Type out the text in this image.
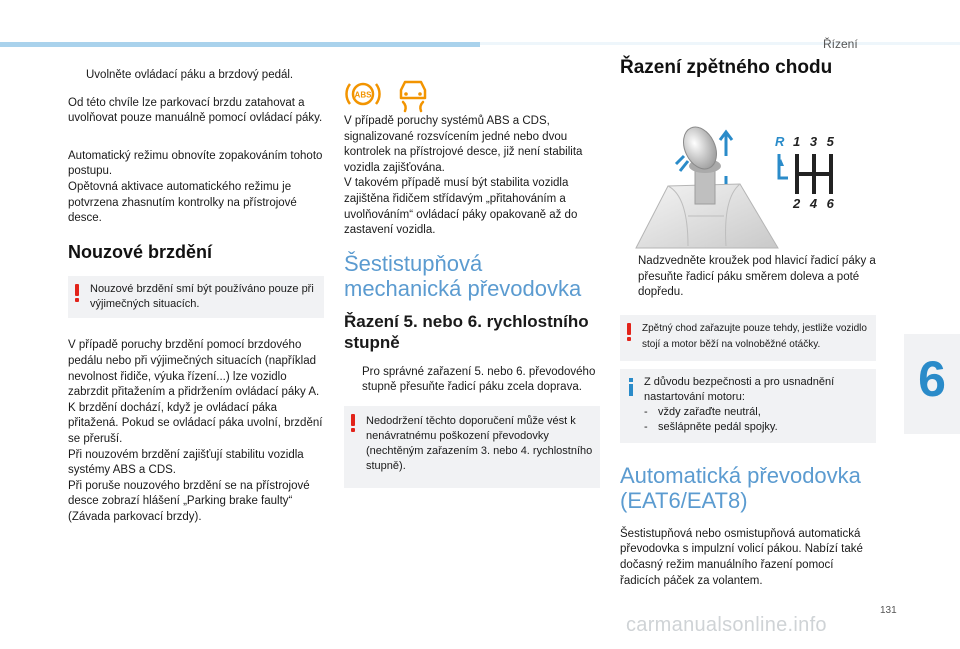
Řízení
6
Uvolněte ovládací páku a brzdový pedál.

Od této chvíle lze parkovací brzdu zatahovat a uvolňovat pouze manuálně pomocí ovládací páky.

Automatický režimu obnovíte zopakováním tohoto postupu.
Opětovná aktivace automatického režimu je potvrzena zhasnutím kontrolky na přístrojové desce.
Nouzové brzdění
Nouzové brzdění smí být používáno pouze při výjimečných situacích.
V případě poruchy brzdění pomocí brzdového pedálu nebo při výjimečných situacích (například nevolnost řidiče, výuka řízení...) lze vozidlo zabrzdit přitažením a přidržením ovládací páky A. K brzdění dochází, když je ovládací páka přitažená. Pokud se ovládací páka uvolní, brzdění se přeruší.
Při nouzovém brzdění zajišťují stabilitu vozidla systémy ABS a CDS.
Při poruše nouzového brzdění se na přístrojové desce zobrazí hlášení „Parking brake faulty“ (Závada parkovací brzdy).
ABS
V případě poruchy systémů ABS a CDS, signalizované rozsvícením jedné nebo dvou kontrolek na přístrojové desce, již není stabilita vozidla zajišťována.
V takovém případě musí být stabilita vozidla zajištěna řidičem střídavým „přitahováním a uvolňováním“ ovládací páky opakovaně až do zastavení vozidla.
Šestistupňová mechanická převodovka
Řazení 5. nebo 6. rychlostního stupně
Pro správné zařazení 5. nebo 6. převodového stupně přesuňte řadicí páku zcela doprava.
Nedodržení těchto doporučení může vést k nenávratnému poškození převodovky (nechtěným zařazením 3. nebo 4. rychlostního stupně).
Řazení zpětného chodu
R 1 3 5
2 4 6
Nadzvedněte kroužek pod hlavicí řadicí páky a přesuňte řadicí páku směrem doleva a poté dopředu.
Zpětný chod zařazujte pouze tehdy, jestliže vozidlo stojí a motor běží na volnoběžné otáčky.
Z důvodu bezpečnosti a pro usnadnění nastartování motoru:
- vždy zařaďte neutrál,
- sešlápněte pedál spojky.
Automatická převodovka (EAT6/EAT8)

Šestistupňová nebo osmistupňová automatická převodovka s impulzní volicí pákou. Nabízí také dočasný režim manuálního řazení pomocí řadicích páček za volantem.

131
carmanualsonline.info
